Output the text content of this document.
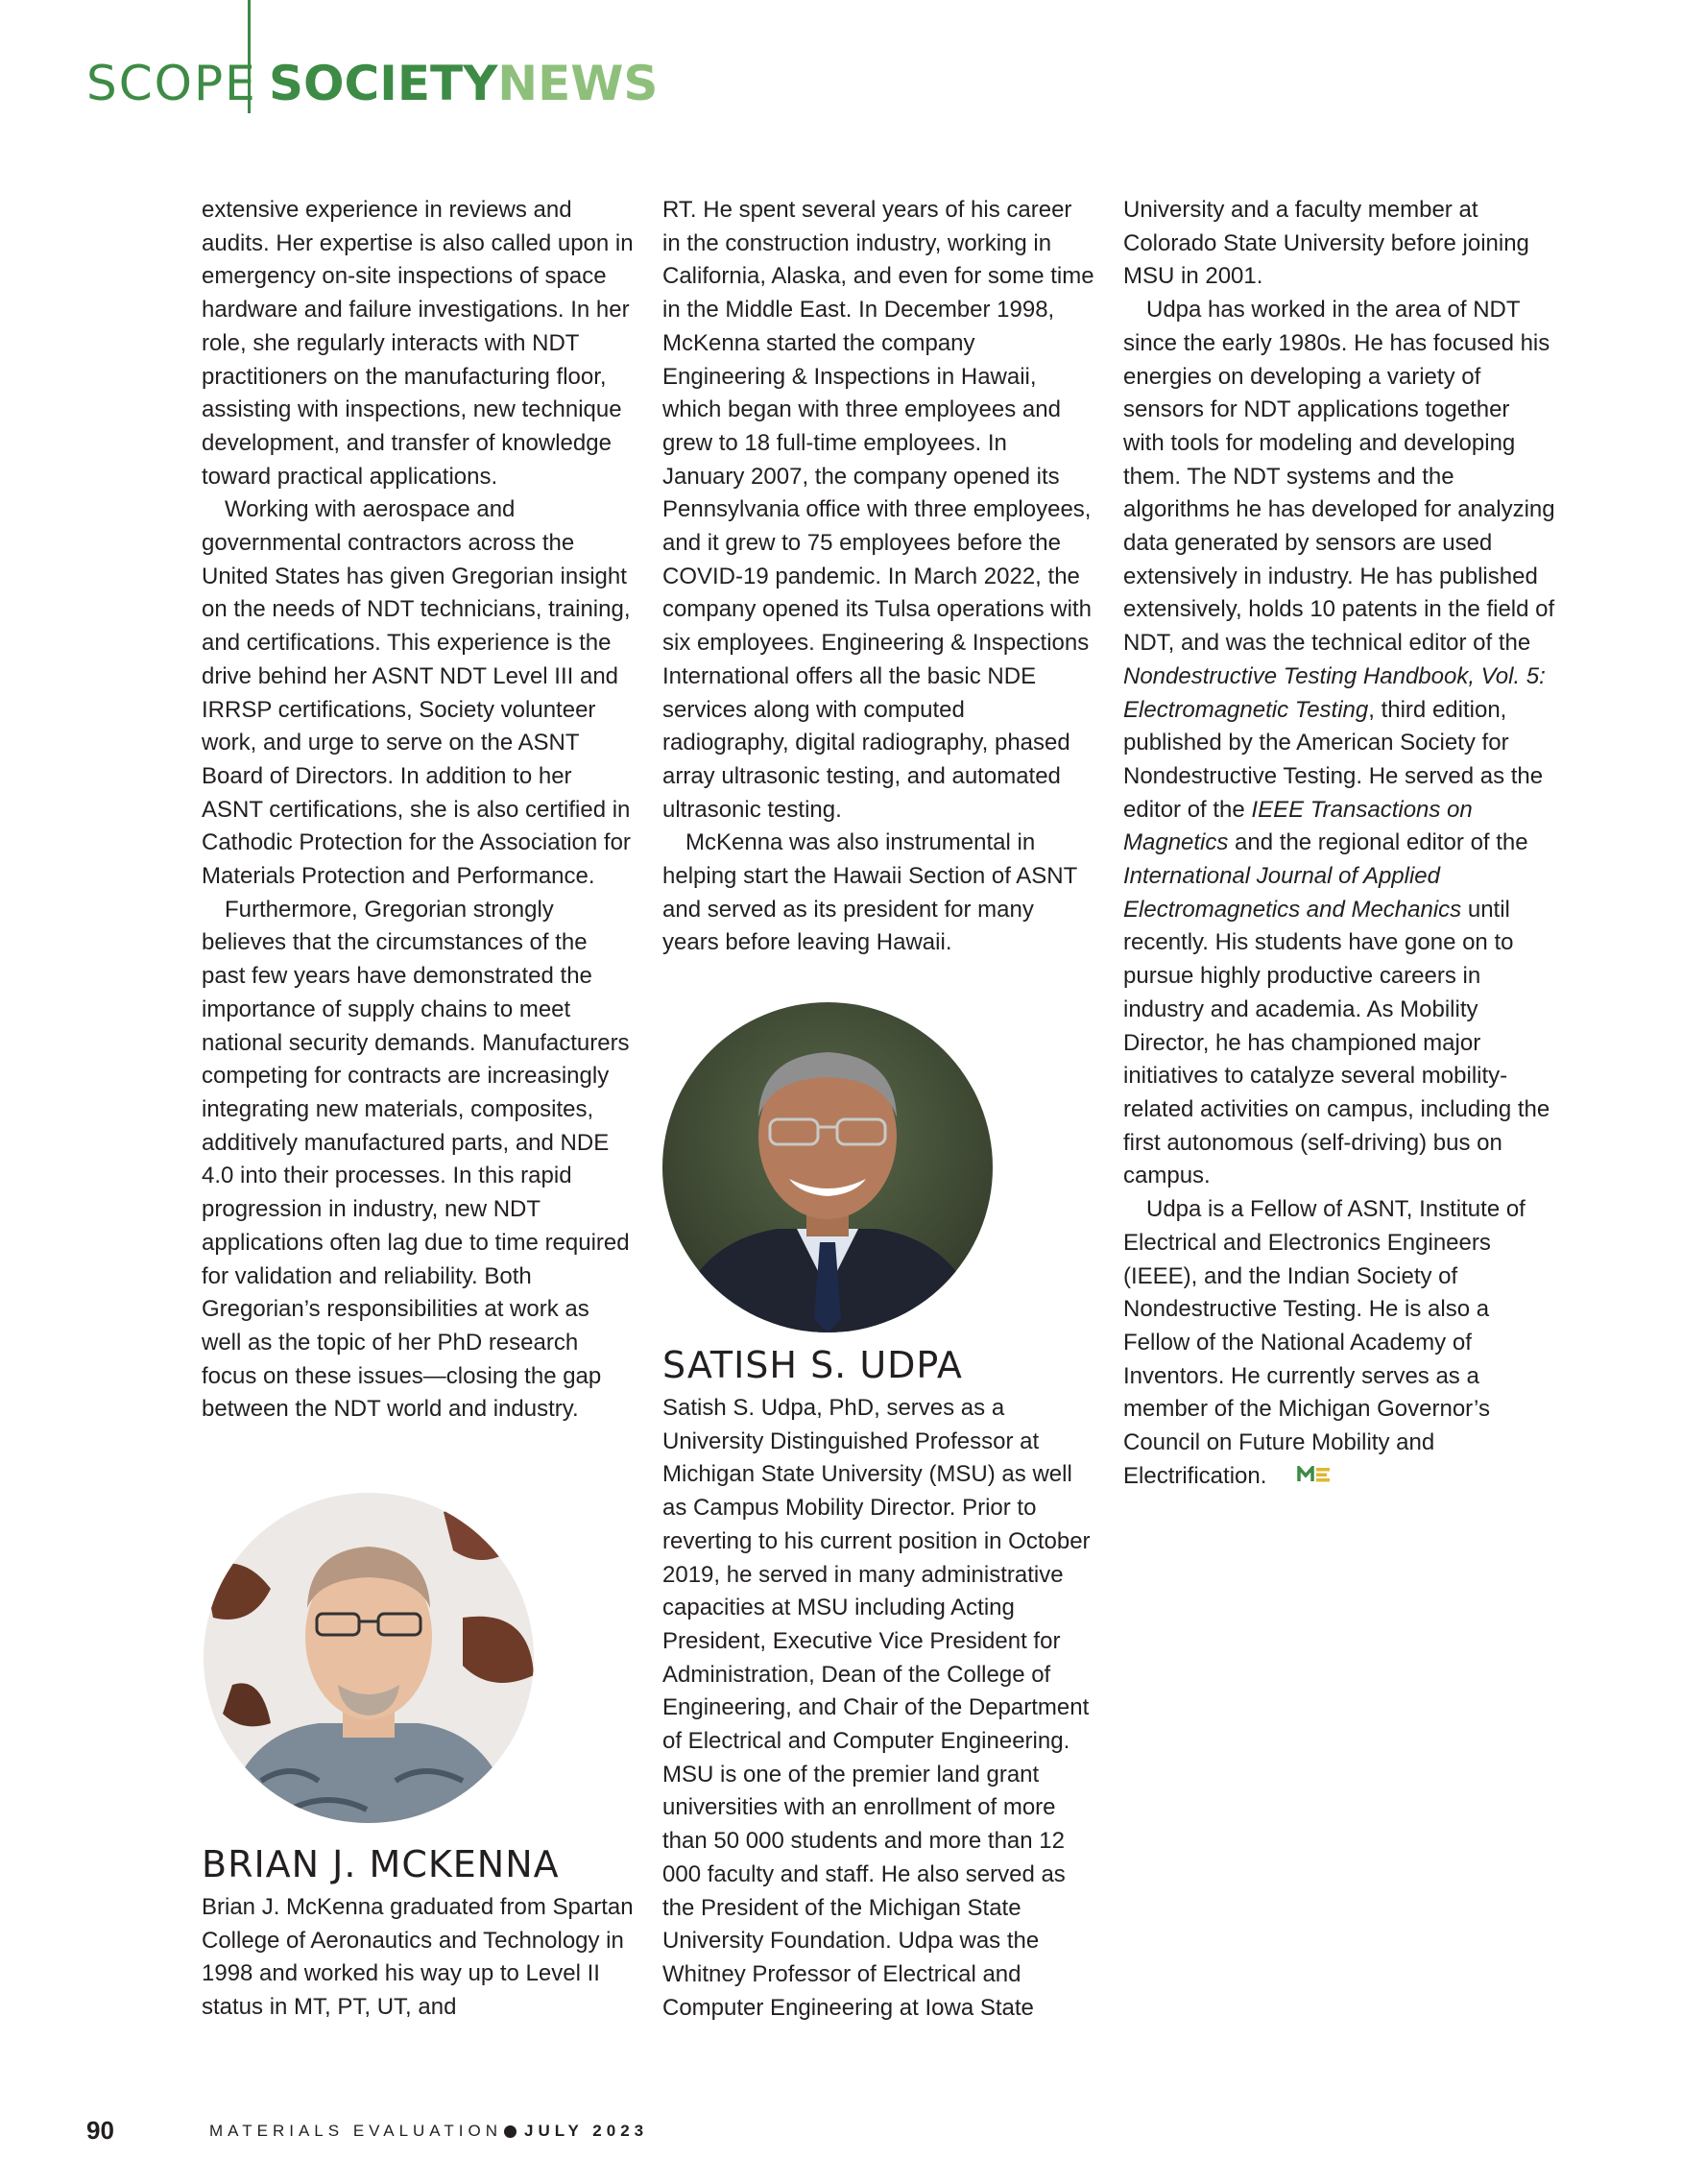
SCOPE SOCIETYNEWS

extensive experience in reviews and audits. Her expertise is also called upon in emergency on-site inspections of space hardware and failure investigations. In her role, she regularly interacts with NDT practitioners on the manufacturing floor, assisting with inspections, new technique development, and transfer of knowledge toward practical applications.

Working with aerospace and governmental contractors across the United States has given Gregorian insight on the needs of NDT technicians, training, and certifications. This experience is the drive behind her ASNT NDT Level III and IRRSP certifications, Society volunteer work, and urge to serve on the ASNT Board of Directors. In addition to her ASNT certifications, she is also certified in Cathodic Protection for the Association for Materials Protection and Performance.

Furthermore, Gregorian strongly believes that the circumstances of the past few years have demonstrated the importance of supply chains to meet national security demands. Manufacturers competing for contracts are increasingly integrating new materials, composites, additively manufactured parts, and NDE 4.0 into their processes. In this rapid progression in industry, new NDT applications often lag due to time required for validation and reliability. Both Gregorian’s responsibilities at work as well as the topic of her PhD research focus on these issues—closing the gap between the NDT world and industry.

BRIAN J. MCKENNA
Brian J. McKenna graduated from Spartan College of Aeronautics and Technology in 1998 and worked his way up to Level II status in MT, PT, UT, and

RT. He spent several years of his career in the construction industry, working in California, Alaska, and even for some time in the Middle East. In December 1998, McKenna started the company Engineering & Inspections in Hawaii, which began with three employees and grew to 18 full-time employees. In January 2007, the company opened its Pennsylvania office with three employees, and it grew to 75 employees before the COVID-19 pandemic. In March 2022, the company opened its Tulsa operations with six employees. Engineering & Inspections International offers all the basic NDE services along with computed radiography, digital radiography, phased array ultrasonic testing, and automated ultrasonic testing.

McKenna was also instrumental in helping start the Hawaii Section of ASNT and served as its president for many years before leaving Hawaii.

SATISH S. UDPA
Satish S. Udpa, PhD, serves as a University Distinguished Professor at Michigan State University (MSU) as well as Campus Mobility Director. Prior to reverting to his current position in October 2019, he served in many administrative capacities at MSU including Acting President, Executive Vice President for Administration, Dean of the College of Engineering, and Chair of the Department of Electrical and Computer Engineering. MSU is one of the premier land grant universities with an enrollment of more than 50 000 students and more than 12 000 faculty and staff. He also served as the President of the Michigan State University Foundation. Udpa was the Whitney Professor of Electrical and Computer Engineering at Iowa State

University and a faculty member at Colorado State University before joining MSU in 2001.

Udpa has worked in the area of NDT since the early 1980s. He has focused his energies on developing a variety of sensors for NDT applications together with tools for modeling and developing them. The NDT systems and the algorithms he has developed for analyzing data generated by sensors are used extensively in industry. He has published extensively, holds 10 patents in the field of NDT, and was the technical editor of the Nondestructive Testing Handbook, Vol. 5: Electromagnetic Testing, third edition, published by the American Society for Nondestructive Testing. He served as the editor of the IEEE Transactions on Magnetics and the regional editor of the International Journal of Applied Electromagnetics and Mechanics until recently. His students have gone on to pursue highly productive careers in industry and academia. As Mobility Director, he has championed major initiatives to catalyze several mobility-related activities on campus, including the first autonomous (self-driving) bus on campus.

Udpa is a Fellow of ASNT, Institute of Electrical and Electronics Engineers (IEEE), and the Indian Society of Nondestructive Testing. He is also a Fellow of the National Academy of Inventors. He currently serves as a member of the Michigan Governor’s Council on Future Mobility and Electrification.

90	MATERIALS EVALUATION JULY 2023
